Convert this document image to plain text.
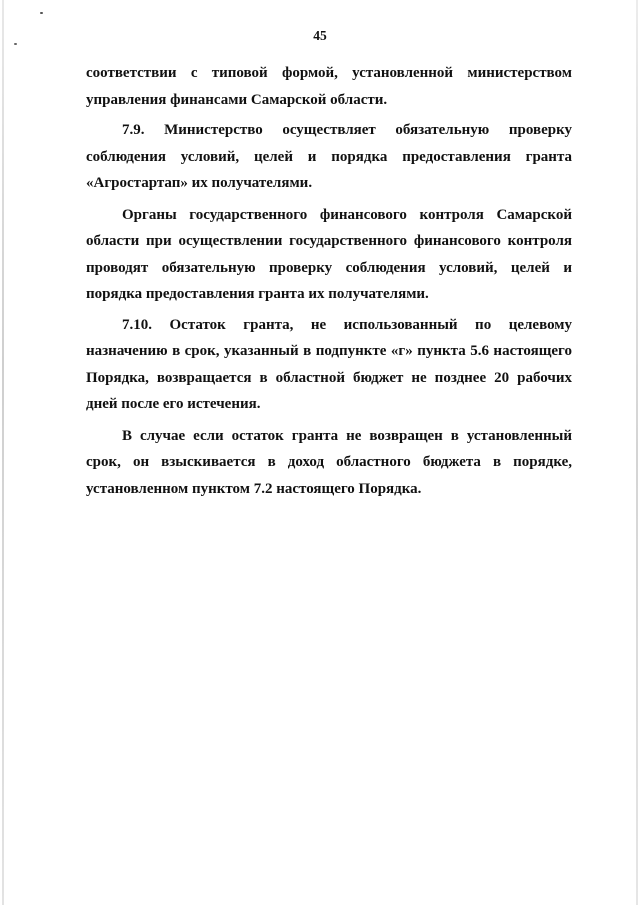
45

соответствии с типовой формой, установленной министерством управления финансами Самарской области.

7.9. Министерство осуществляет обязательную проверку соблюдения условий, целей и порядка предоставления гранта «Агростартап» их получателями.

Органы государственного финансового контроля Самарской области при осуществлении государственного финансового контроля проводят обязательную проверку соблюдения условий, целей и порядка предоставления гранта их получателями.

7.10. Остаток гранта, не использованный по целевому назначению в срок, указанный в подпункте «г» пункта 5.6 настоящего Порядка, возвращается в областной бюджет не позднее 20 рабочих дней после его истечения.

В случае если остаток гранта не возвращен в установленный срок, он взыскивается в доход областного бюджета в порядке, установленном пунктом 7.2 настоящего Порядка.
